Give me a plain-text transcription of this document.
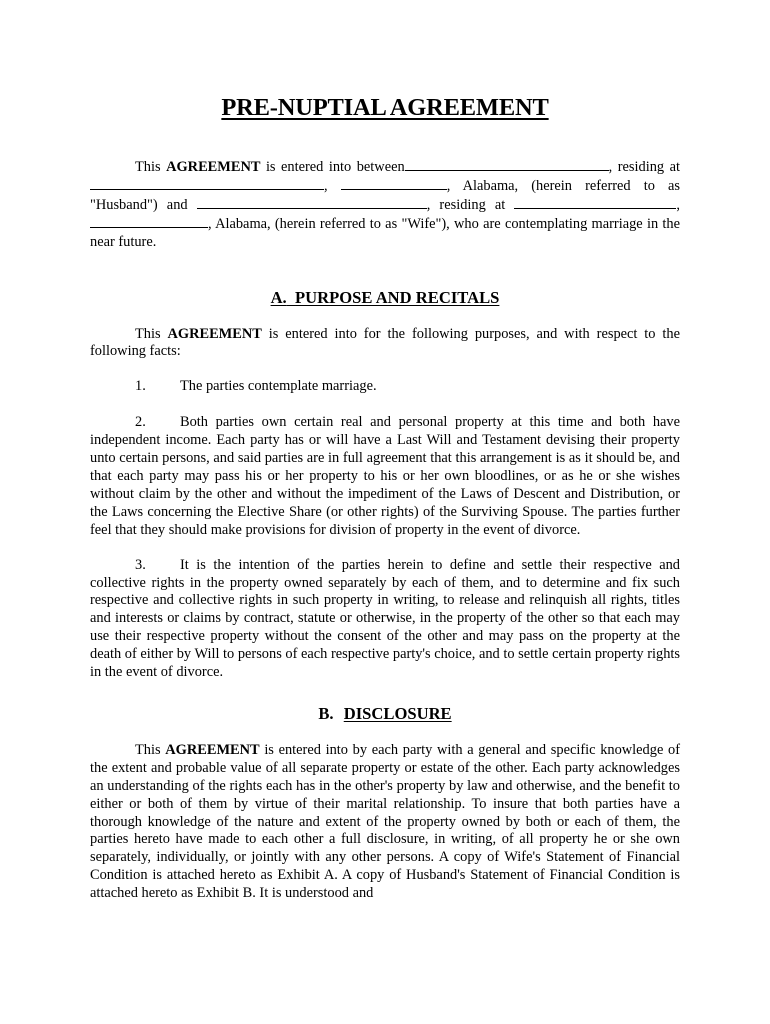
PRE-NUPTIAL AGREEMENT

This AGREEMENT is entered into between	, residing at ,	, Alabama, (herein referred to as "Husband") and	, residing at	, , Alabama, (herein referred to as "Wife"), who are contemplating marriage in the near future.

A. PURPOSE AND RECITALS

This AGREEMENT is entered into for the following purposes, and with respect to the following facts:

1. The parties contemplate marriage.

2. Both parties own certain real and personal property at this time and both have independent income. Each party has or will have a Last Will and Testament devising their property unto certain persons, and said parties are in full agreement that this arrangement is as it should be, and that each party may pass his or her property to his or her own bloodlines, or as he or she wishes without claim by the other and without the impediment of the Laws of Descent and Distribution, or the Laws concerning the Elective Share (or other rights) of the Surviving Spouse. The parties further feel that they should make provisions for division of property in the event of divorce.

3. It is the intention of the parties herein to define and settle their respective and collective rights in the property owned separately by each of them, and to determine and fix such respective and collective rights in such property in writing, to release and relinquish all rights, titles and interests or claims by contract, statute or otherwise, in the property of the other so that each may use their respective property without the consent of the other and may pass on the property at the death of either by Will to persons of each respective party's choice, and to settle certain property rights in the event of divorce.

B. DISCLOSURE

This AGREEMENT is entered into by each party with a general and specific knowledge of the extent and probable value of all separate property or estate of the other. Each party acknowledges an understanding of the rights each has in the other's property by law and otherwise, and the benefit to either or both of them by virtue of their marital relationship. To insure that both parties have a thorough knowledge of the nature and extent of the property owned by both or each of them, the parties hereto have made to each other a full disclosure, in writing, of all property he or she own separately, individually, or jointly with any other persons. A copy of Wife's Statement of Financial Condition is attached hereto as Exhibit A. A copy of Husband's Statement of Financial Condition is attached hereto as Exhibit B. It is understood and
